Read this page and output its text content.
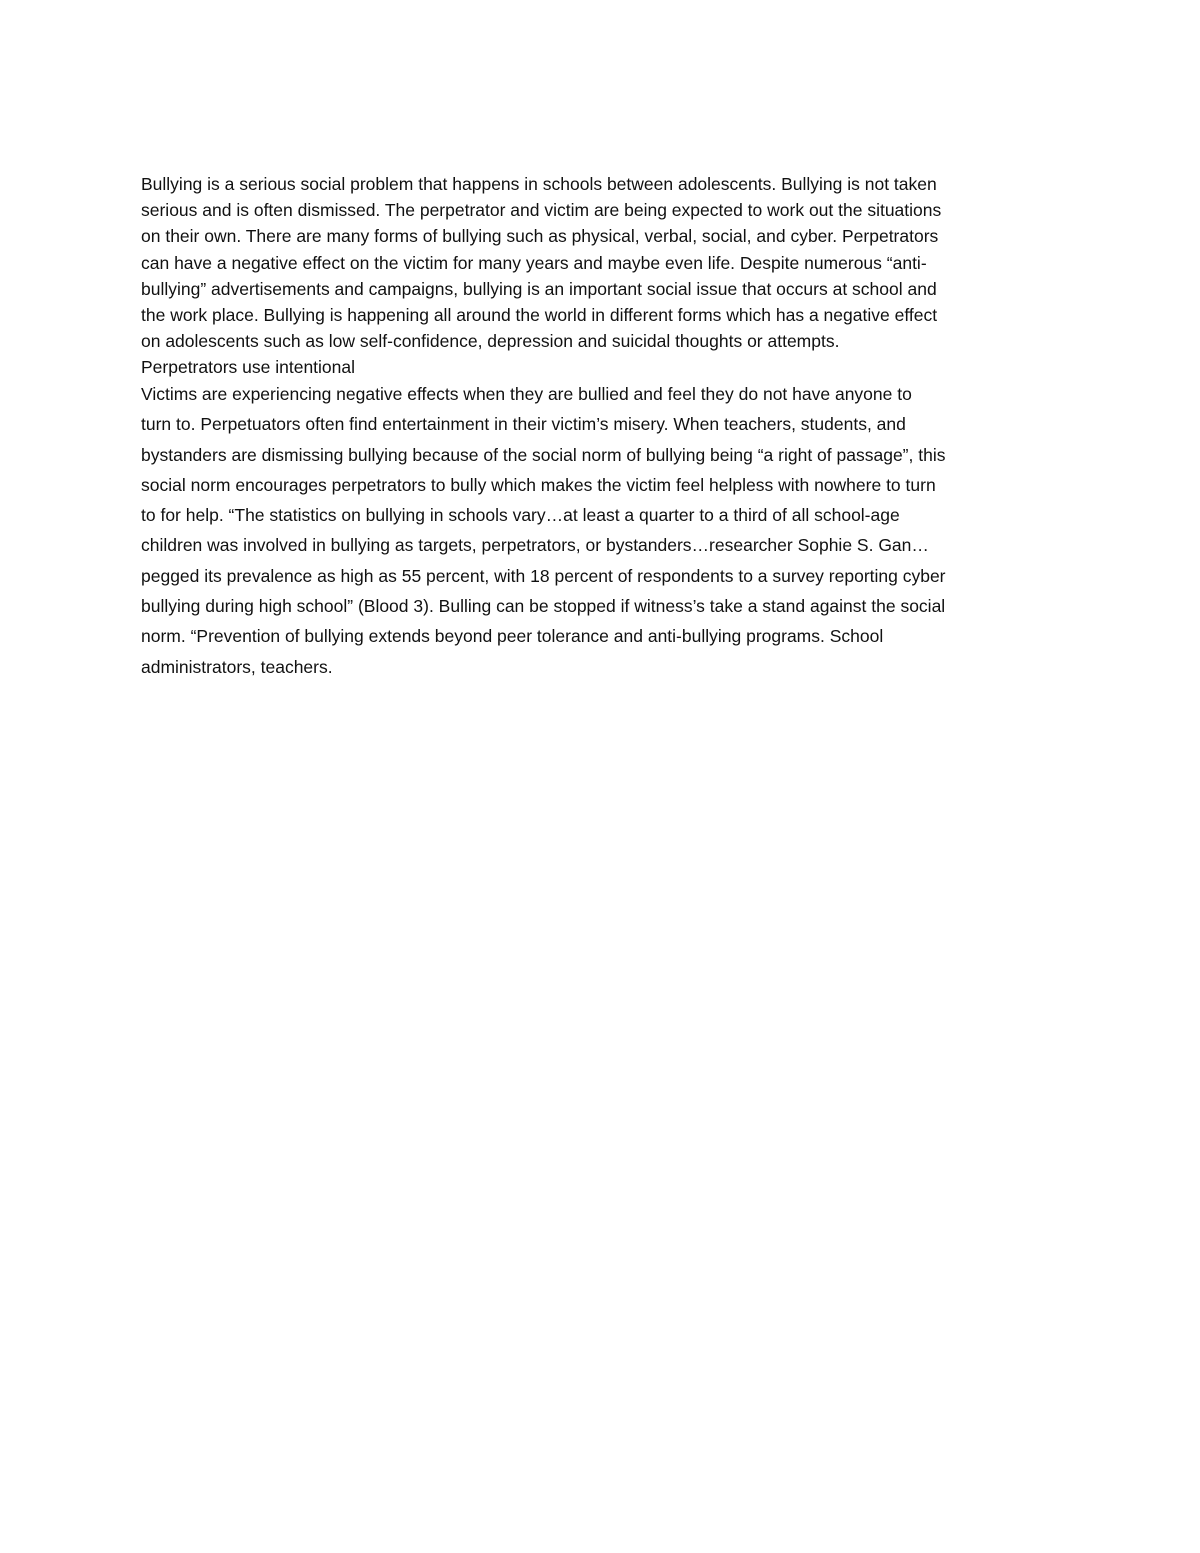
Bullying is a serious social problem that happens in schools between adolescents. Bullying is not taken
serious and is often dismissed. The perpetrator and victim are being expected to work out the situations
on their own. There are many forms of bullying such as physical, verbal, social, and cyber. Perpetrators
can have a negative effect on the victim for many years and maybe even life. Despite numerous “anti-
bullying” advertisements and campaigns, bullying is an important social issue that occurs at school and
the work place. Bullying is happening all around the world in different forms which has a negative effect
on adolescents such as low self-confidence, depression and suicidal thoughts or attempts.
Perpetrators use intentional
Victims are experiencing negative effects when they are bullied and feel they do not have anyone to
turn to. Perpetuators often find entertainment in their victim’s misery. When teachers, students, and
bystanders are dismissing bullying because of the social norm of bullying being “a right of passage”, this
social norm encourages perpetrators to bully which makes the victim feel helpless with nowhere to turn
to for help. “The statistics on bullying in schools vary…at least a quarter to a third of all school-age
children was involved in bullying as targets, perpetrators, or bystanders…researcher Sophie S. Gan…
pegged its prevalence as high as 55 percent, with 18 percent of respondents to a survey reporting cyber
bullying during high school” (Blood 3). Bulling can be stopped if witness’s take a stand against the social
norm. “Prevention of bullying extends beyond peer tolerance and anti-bullying programs. School
administrators, teachers.
